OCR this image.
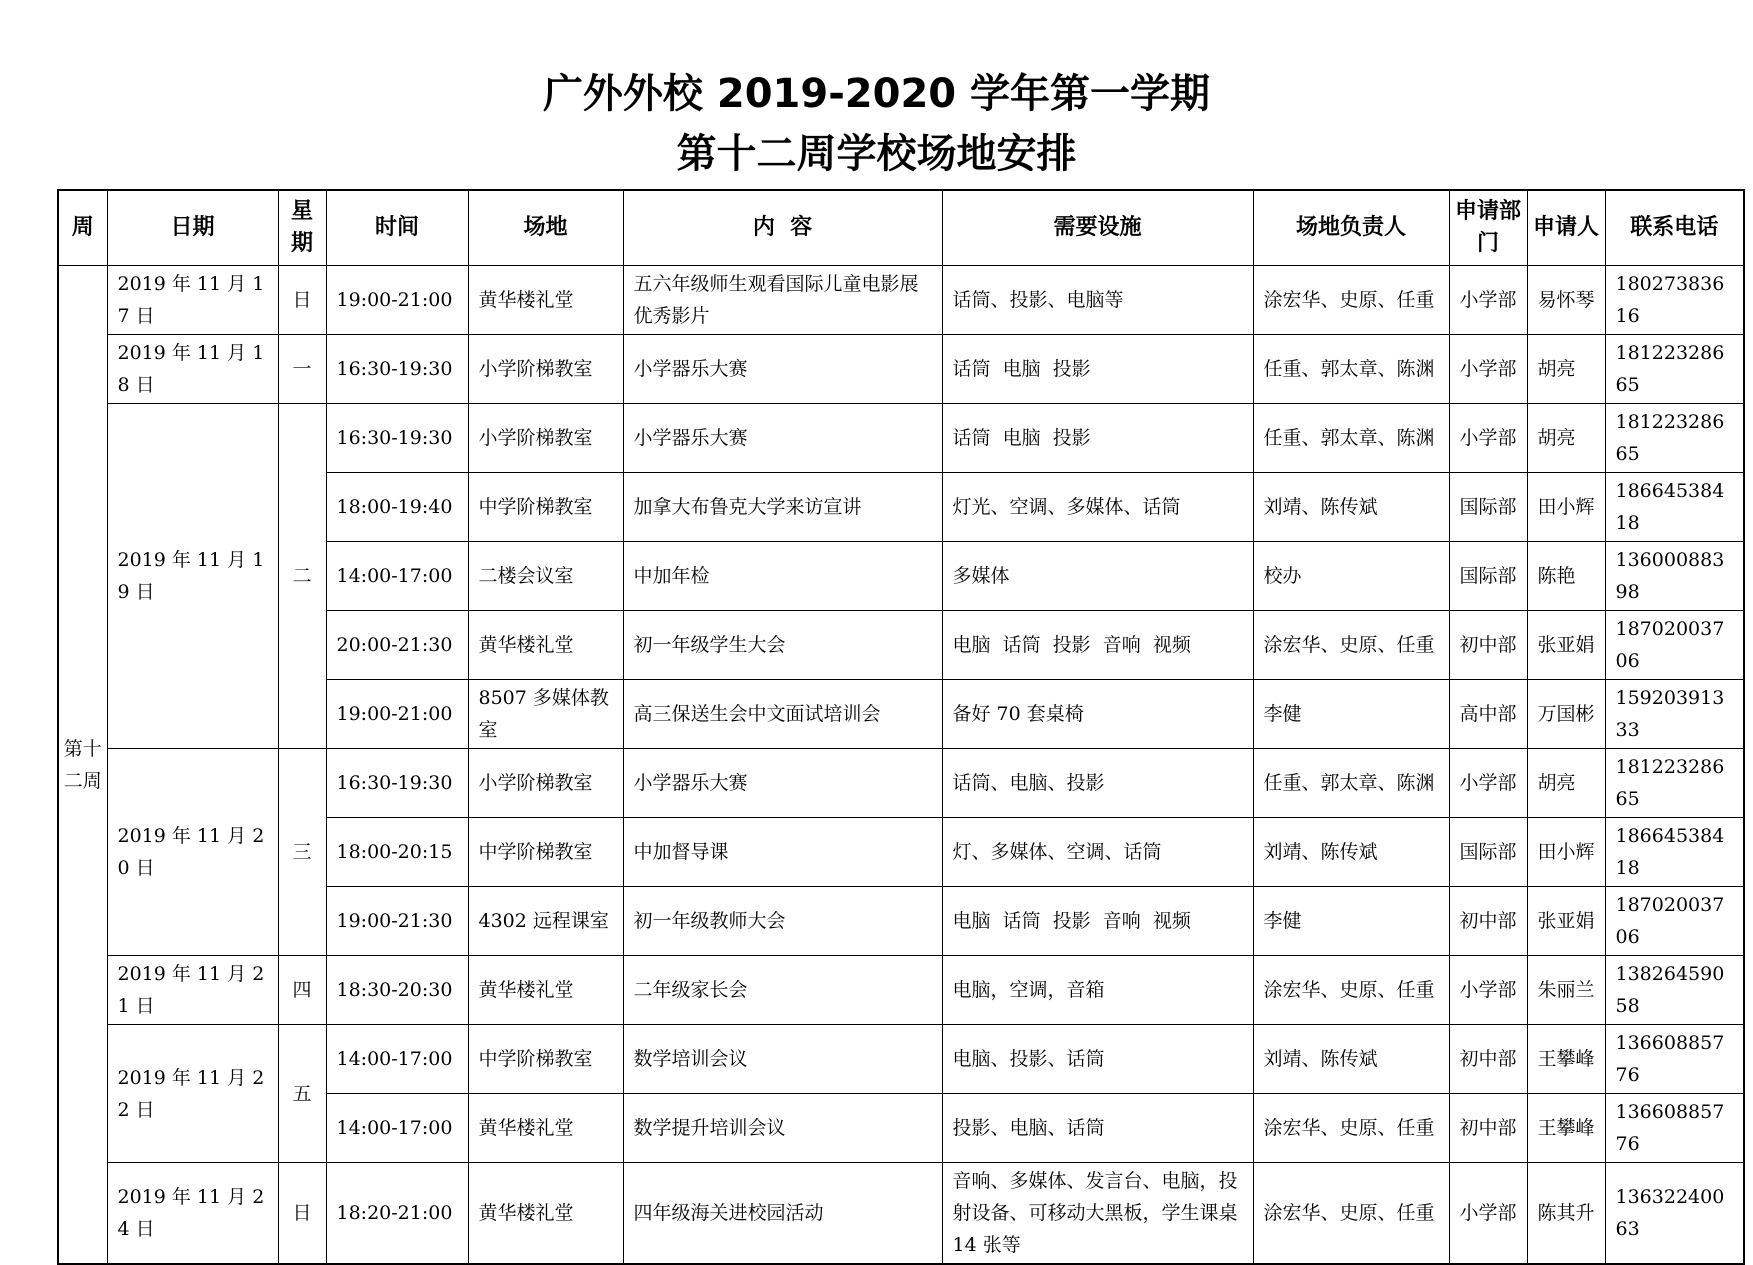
广外外校 2019-2020 学年第一学期
第十二周学校场地安排
周	日期	星期	时间	场地	内  容	需要设施	场地负责人	申请部门	申请人	联系电话
第十二周	2019 年 11 月 17 日	日	19:00-21:00	黄华楼礼堂	五六年级师生观看国际儿童电影展优秀影片	话筒、投影、电脑等	涂宏华、史原、任重	小学部	易怀琴	18027383616
	2019 年 11 月 18 日	一	16:30-19:30	小学阶梯教室	小学器乐大赛	话筒  电脑  投影	任重、郭太章、陈渊	小学部	胡亮	18122328665
	2019 年 11 月 19 日	二	16:30-19:30	小学阶梯教室	小学器乐大赛	话筒  电脑  投影	任重、郭太章、陈渊	小学部	胡亮	18122328665
			18:00-19:40	中学阶梯教室	加拿大布鲁克大学来访宣讲	灯光、空调、多媒体、话筒	刘靖、陈传斌	国际部	田小辉	18664538418
			14:00-17:00	二楼会议室	中加年检	多媒体	校办	国际部	陈艳	13600088398
			20:00-21:30	黄华楼礼堂	初一年级学生大会	电脑  话筒  投影  音响  视频	涂宏华、史原、任重	初中部	张亚娟	18702003706
			19:00-21:00	8507 多媒体教室	高三保送生会中文面试培训会	备好 70 套桌椅	李健	高中部	万国彬	15920391333
	2019 年 11 月 20 日	三	16:30-19:30	小学阶梯教室	小学器乐大赛	话筒、电脑、投影	任重、郭太章、陈渊	小学部	胡亮	18122328665
			18:00-20:15	中学阶梯教室	中加督导课	灯、多媒体、空调、话筒	刘靖、陈传斌	国际部	田小辉	18664538418
			19:00-21:30	4302 远程课室	初一年级教师大会	电脑  话筒  投影  音响  视频	李健	初中部	张亚娟	18702003706
	2019 年 11 月 21 日	四	18:30-20:30	黄华楼礼堂	二年级家长会	电脑，空调，音箱	涂宏华、史原、任重	小学部	朱丽兰	13826459058
	2019 年 11 月 22 日	五	14:00-17:00	中学阶梯教室	数学培训会议	电脑、投影、话筒	刘靖、陈传斌	初中部	王攀峰	13660885776
			14:00-17:00	黄华楼礼堂	数学提升培训会议	投影、电脑、话筒	涂宏华、史原、任重	初中部	王攀峰	13660885776
	2019 年 11 月 24 日	日	18:20-21:00	黄华楼礼堂	四年级海关进校园活动	音响、多媒体、发言台、电脑，投射设备、可移动大黑板，学生课桌 14 张等	涂宏华、史原、任重	小学部	陈其升	13632240063
